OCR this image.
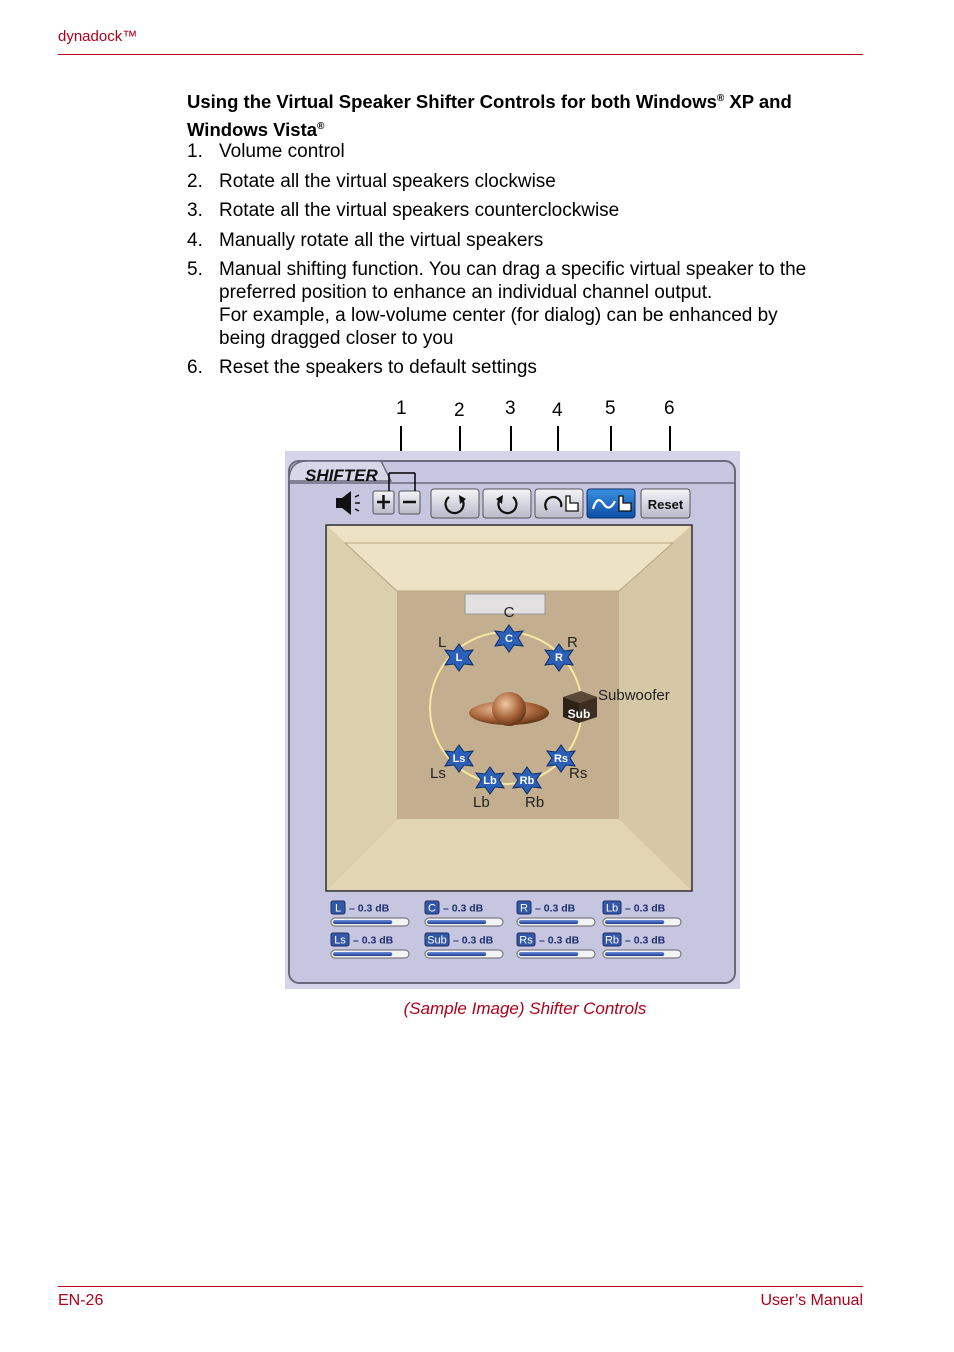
dynadock™
Using the Virtual Speaker Shifter Controls for both Windows® XP and Windows Vista®
1. Volume control
2. Rotate all the virtual speakers clockwise
3. Rotate all the virtual speakers counterclockwise
4. Manually rotate all the virtual speakers
5. Manual shifting function. You can drag a specific virtual speaker to the
preferred position to enhance an individual channel output.
For example, a low-volume center (for dialog) can be enhanced by
being dragged closer to you
6. Reset the speakers to default settings
1 2 3 4 5	6
SHIFTER
Reset
Sub
Subwoofer
C
C
L
L
R
R
Ls
Ls
Rs
Rs
Lb
Lb
Rb
Rb
L – 0.3 dB	C – 0.3 dB	R – 0.3 dB	Lb – 0.3 dB
Ls – 0.3 dB	Sub – 0.3 dB Rs – 0.3 dB Rb – 0.3 dB
(Sample Image) Shifter Controls
EN-26	User’s Manual
